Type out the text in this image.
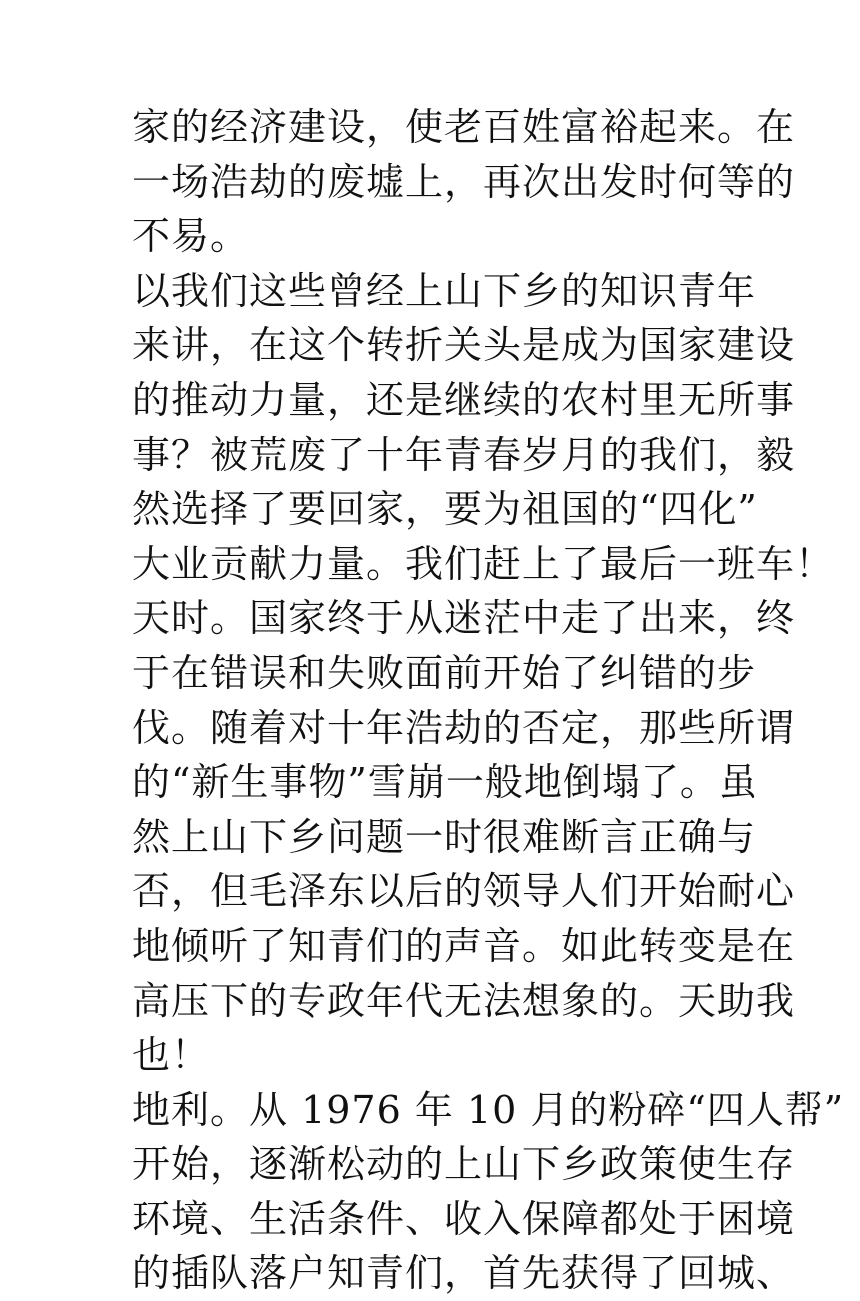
家的经济建设，使老百姓富裕起来。在
一场浩劫的废墟上，再次出发时何等的
不易。
以我们这些曾经上山下乡的知识青年
来讲，在这个转折关头是成为国家建设
的推动力量，还是继续的农村里无所事
事？被荒废了十年青春岁月的我们，毅
然选择了要回家，要为祖国的“四化”
大业贡献力量。我们赶上了最后一班车！
天时。国家终于从迷茫中走了出来，终
于在错误和失败面前开始了纠错的步
伐。随着对十年浩劫的否定，那些所谓
的“新生事物”雪崩一般地倒塌了。虽
然上山下乡问题一时很难断言正确与
否，但毛泽东以后的领导人们开始耐心
地倾听了知青们的声音。如此转变是在
高压下的专政年代无法想象的。天助我
也！
地利。从 1976 年 10 月的粉碎“四人帮”
开始，逐渐松动的上山下乡政策使生存
环境、生活条件、收入保障都处于困境
的插队落户知青们，首先获得了回城、
